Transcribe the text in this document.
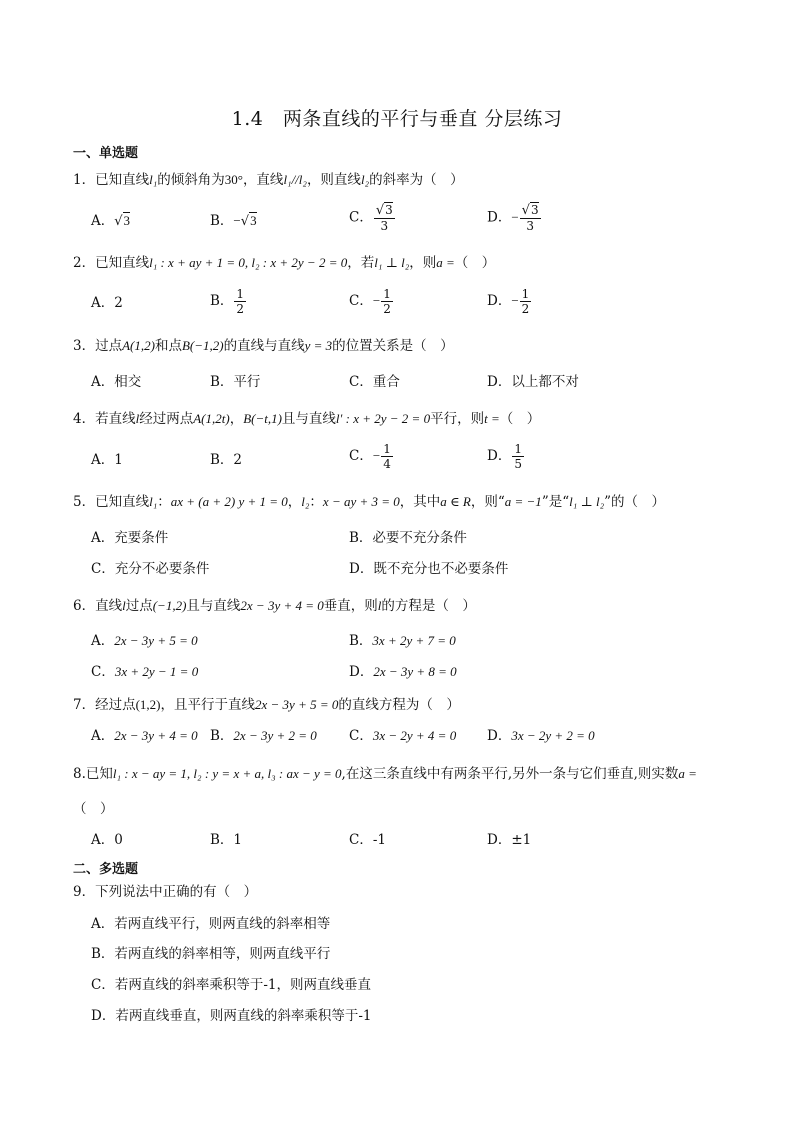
1.4　两条直线的平行与垂直 分层练习
一、单选题
1．已知直线l₁的倾斜角为30°，直线l₁//l₂，则直线l₂的斜率为（　）
A．√3	B．−√3	C． $\frac{√3}{3}$	D．− $\frac{√3}{3}$
2．已知直线l₁ : x + ay + 1 = 0, l₂ : x + 2y − 2 = 0，若l₁ ⊥ l₂，则a =（　）
A．2	B． $\frac{1}{2}$	C．− $\frac{1}{2}$	D．− $\frac{1}{2}$
3．过点A(1,2)和点B(−1,2)的直线与直线y = 3的位置关系是（　）
A．相交	B．平行	C．重合	D．以上都不对
4．若直线l经过两点A(1,2t)，B(−t,1)且与直线l′ : x + 2y − 2 = 0平行，则t =（　）
A．1	B．2	C．− $\frac{1}{4}$	D． $\frac{1}{5}$
5．已知直线l₁：ax + (a + 2) y + 1 = 0，l₂：x − ay + 3 = 0，其中a ∈ R，则“a = −1”是“l₁ ⊥ l₂”的（　）
A．充要条件	B．必要不充分条件
C．充分不必要条件	D．既不充分也不必要条件
6．直线l过点(−1,2)且与直线2x − 3y + 4 = 0垂直，则l的方程是（　）
A．2x − 3y + 5 = 0	B．3x + 2y + 7 = 0
C．3x + 2y − 1 = 0	D．2x − 3y + 8 = 0
7．经过点(1,2)，且平行于直线2x − 3y + 5 = 0的直线方程为（　）
A．2x − 3y + 4 = 0 B．2x − 3y + 2 = 0 C．3x − 2y + 4 = 0 D．3x − 2y + 2 = 0
8.已知l₁ : x − ay = 1, l₂ : y = x + a, l₃ : ax − y = 0,在这三条直线中有两条平行,另外一条与它们垂直,则实数a =
（　）
A．0	B．1	C．-1	D．±1
二、多选题
9．下列说法中正确的有（　）
A．若两直线平行，则两直线的斜率相等
B．若两直线的斜率相等，则两直线平行
C．若两直线的斜率乘积等于-1，则两直线垂直
D．若两直线垂直，则两直线的斜率乘积等于-1
